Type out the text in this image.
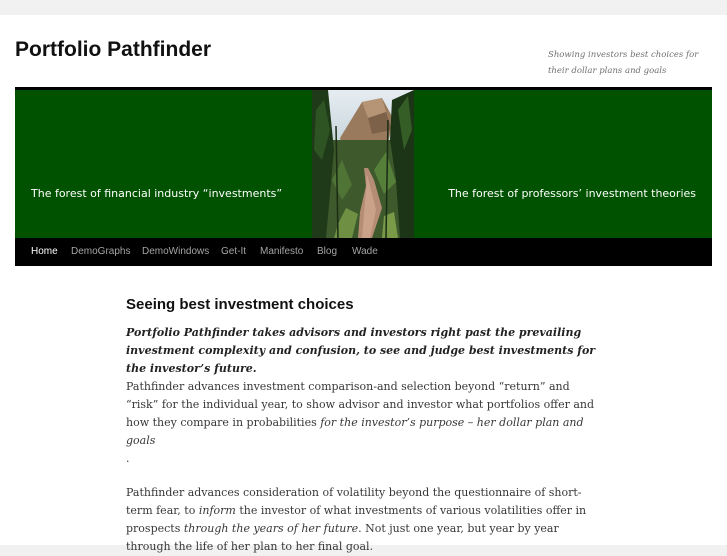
Portfolio Pathfinder	Showing investors best choices for their dollar plans and goals
The forest of financial industry “investments”	The forest of professors’ investment theories
Home DemoGraphs DemoWindows Get-It Manifesto Blog Wade
Seeing best investment choices

Portfolio Pathfinder takes advisors and investors right past the prevailing investment complexity and confusion, to see and judge best investments for the investor’s future.

Pathfinder advances investment comparison-and selection beyond “return” and “risk” for the individual year, to show advisor and investor what portfolios offer and how they compare in probabilities for the investor’s purpose – her dollar plan and goals

.

Pathfinder advances consideration of volatility beyond the questionnaire of short-term fear, to inform the investor of what investments of various volatilities offer in prospects through the years of her future. Not just one year, but year by year through the life of her plan to her final goal.
